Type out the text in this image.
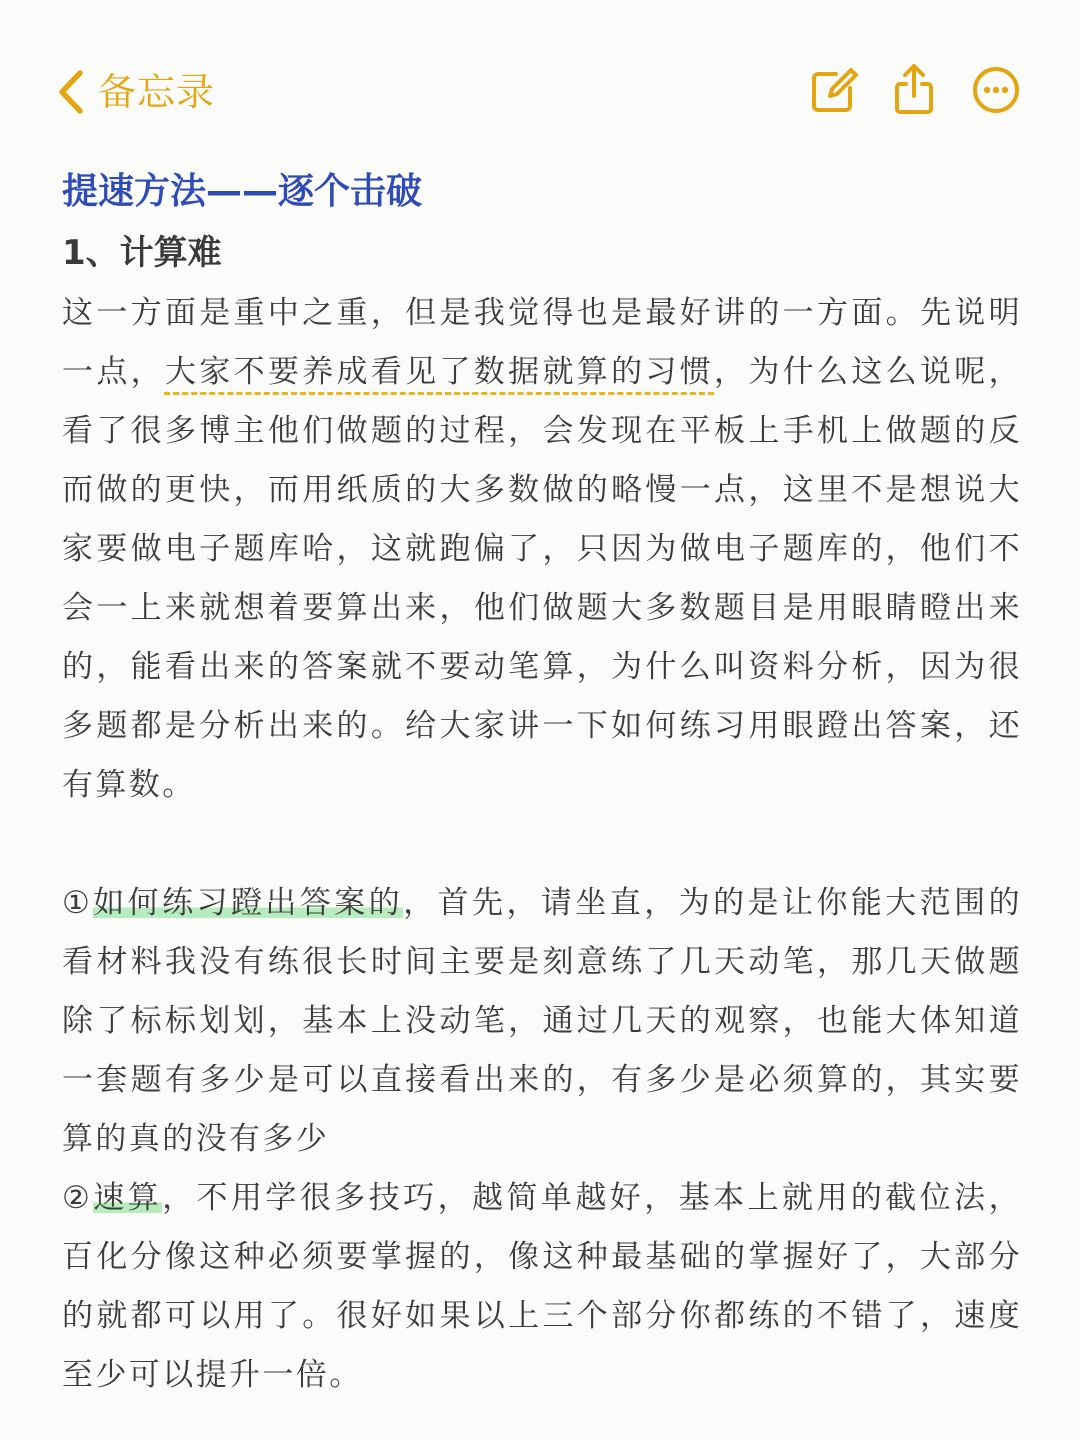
备忘录
提速方法——逐个击破
1、计算难

这一方面是重中之重，但是我觉得也是最好讲的一方面。先说明一点，大家不要养成看见了数据就算的习惯，为什么这么说呢，看了很多博主他们做题的过程，会发现在平板上手机上做题的反而做的更快，而用纸质的大多数做的略慢一点，这里不是想说大家要做电子题库哈，这就跑偏了，只因为做电子题库的，他们不会一上来就想着要算出来，他们做题大多数题目是用眼睛瞪出来的，能看出来的答案就不要动笔算，为什么叫资料分析，因为很多题都是分析出来的。给大家讲一下如何练习用眼蹬出答案，还有算数。

①如何练习蹬出答案的，首先，请坐直，为的是让你能大范围的看材料我没有练很长时间主要是刻意练了几天动笔，那几天做题除了标标划划，基本上没动笔，通过几天的观察，也能大体知道一套题有多少是可以直接看出来的，有多少是必须算的，其实要算的真的没有多少

②速算，不用学很多技巧，越简单越好，基本上就用的截位法，百化分像这种必须要掌握的，像这种最基础的掌握好了，大部分的就都可以用了。很好如果以上三个部分你都练的不错了，速度至少可以提升一倍。
